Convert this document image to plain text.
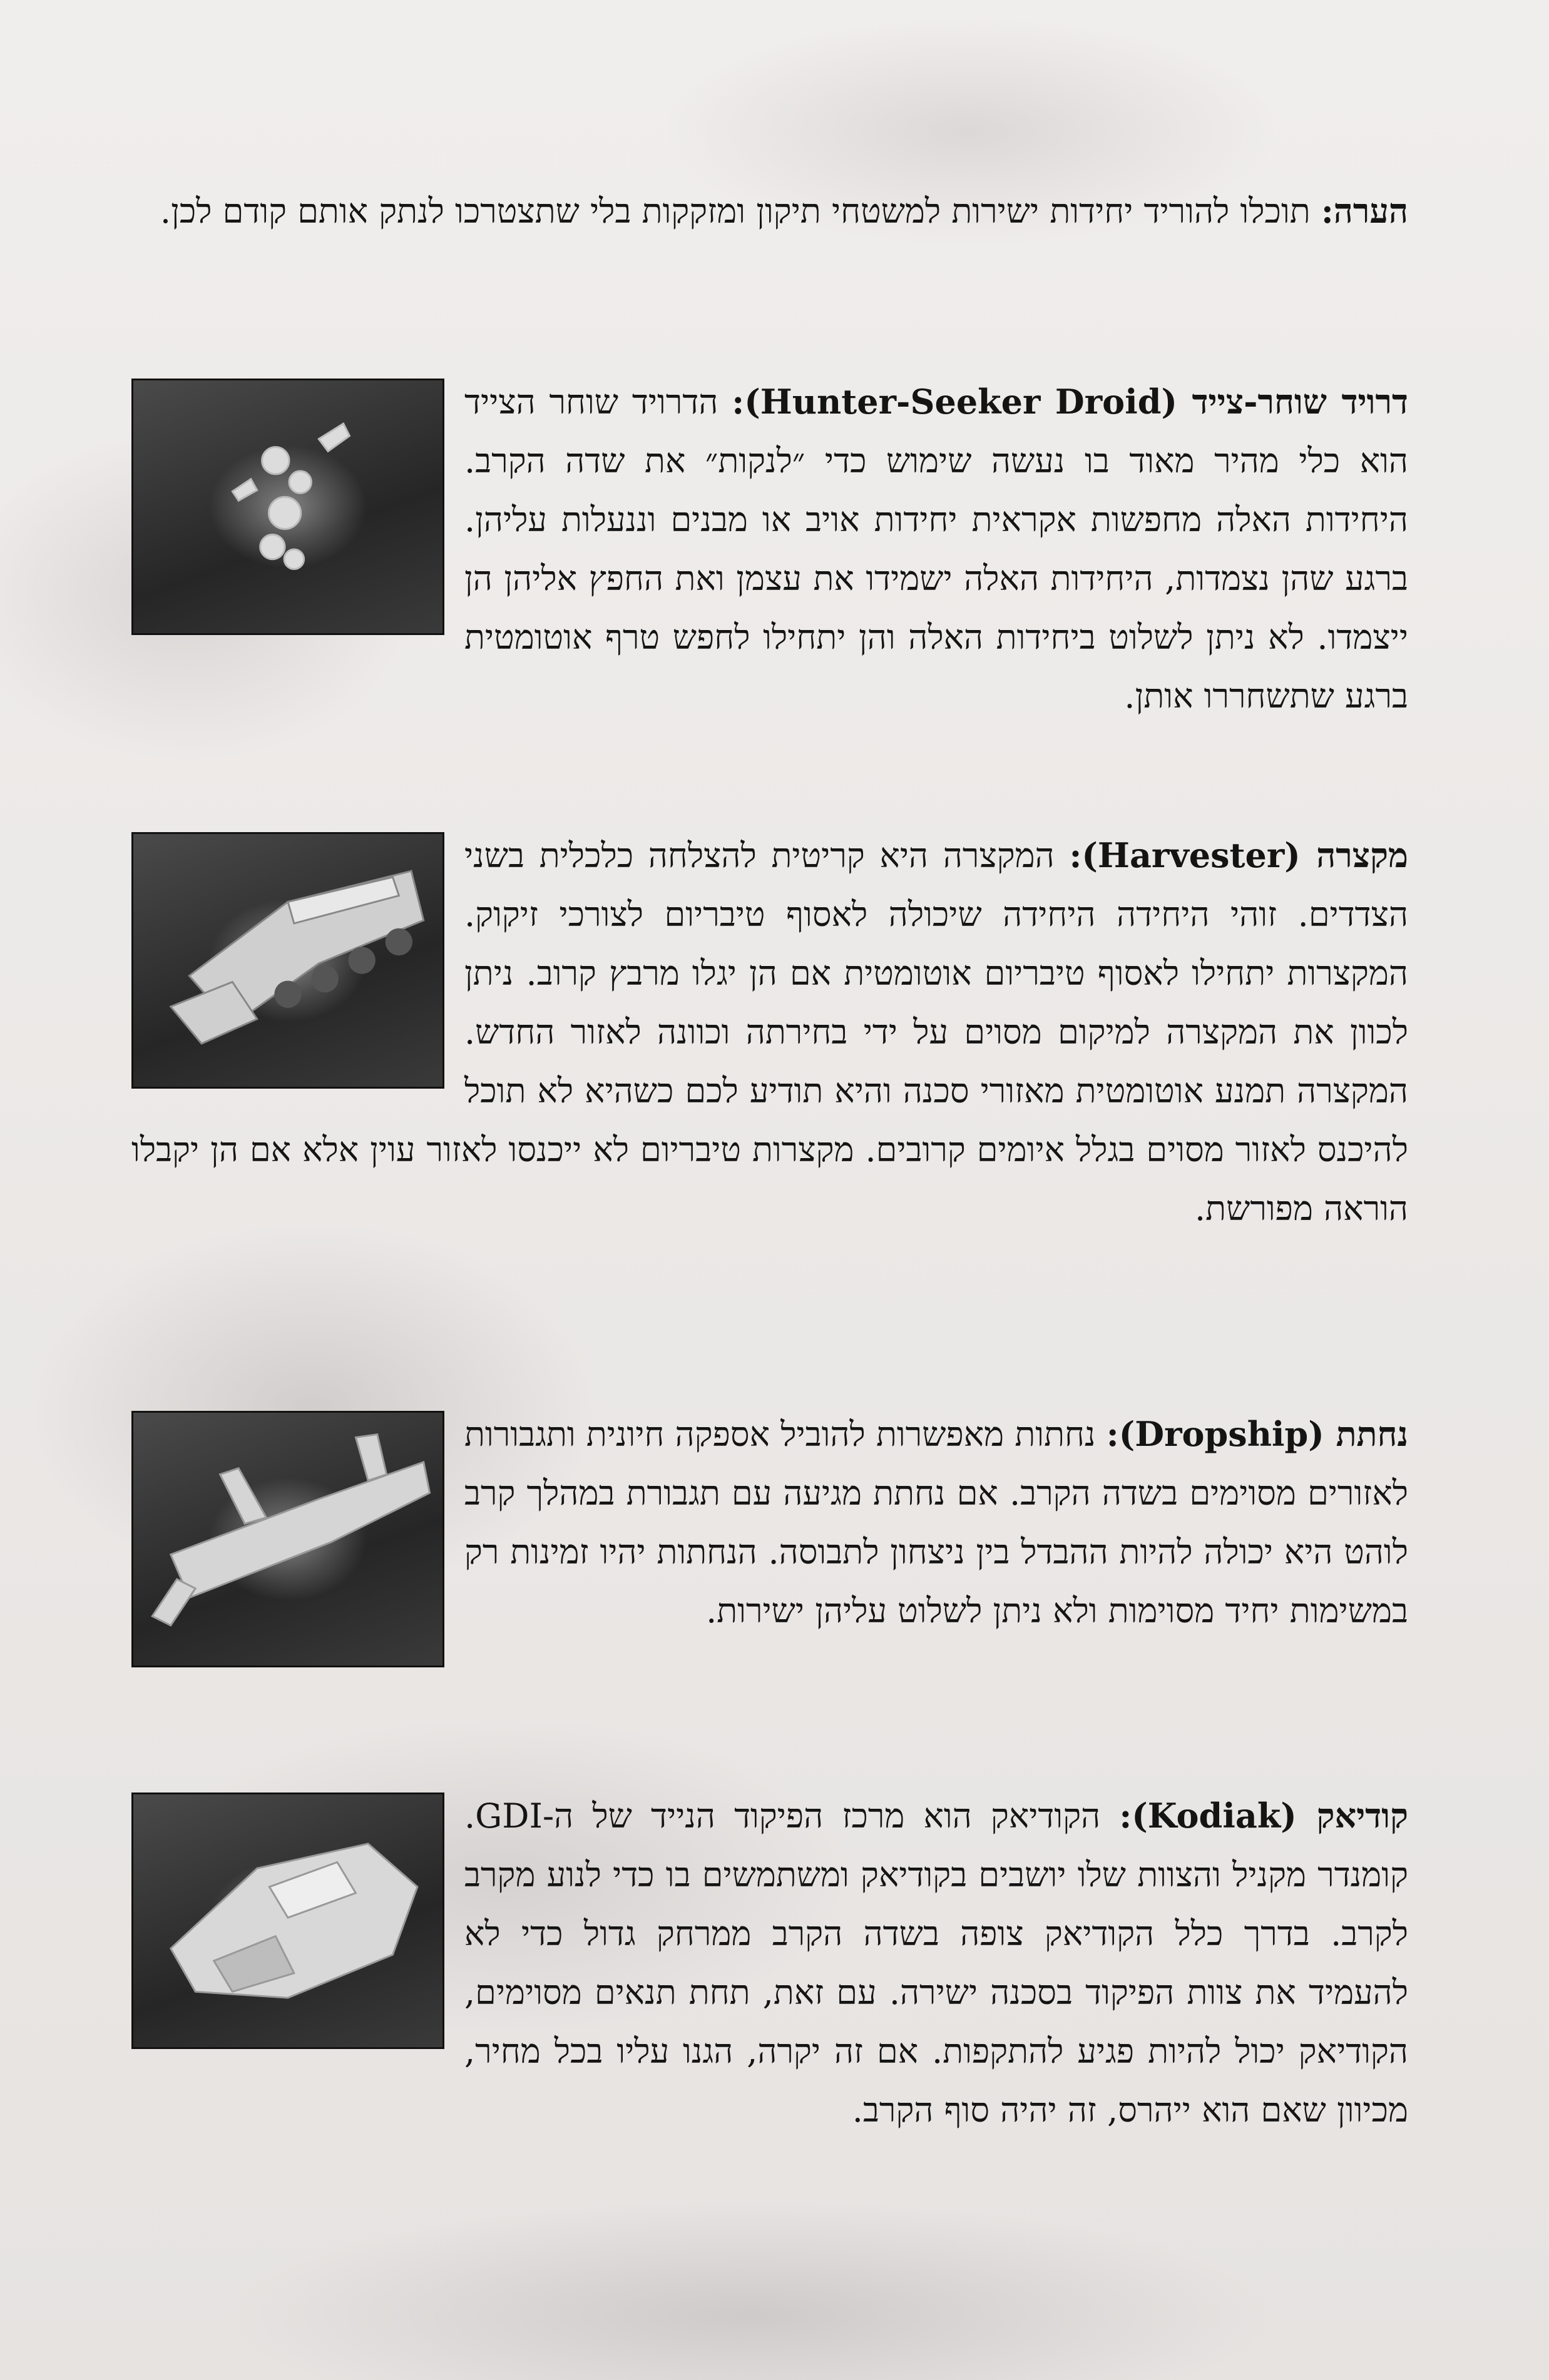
הערה: תוכלו להוריד יחידות ישירות למשטחי תיקון ומזקקות בלי שתצטרכו לנתק אותם קודם לכן.
דרויד שוחר-צייד (Hunter-Seeker Droid): הדרויד שוחר הצייד הוא כלי מהיר מאוד בו נעשה שימוש כדי ״לנקות״ את שדה הקרב. היחידות האלה מחפשות אקראית יחידות אויב או מבנים וננעלות עליהן. ברגע שהן נצמדות, היחידות האלה ישמידו את עצמן ואת החפץ אליהן הן ייצמדו. לא ניתן לשלוט ביחידות האלה והן יתחילו לחפש טרף אוטומטית ברגע שתשחררו אותן.
מקצרה (Harvester): המקצרה היא קריטית להצלחה כלכלית בשני הצדדים. זוהי היחידה היחידה שיכולה לאסוף טיבריום לצורכי זיקוק. המקצרות יתחילו לאסוף טיבריום אוטומטית אם הן יגלו מרבץ קרוב. ניתן לכוון את המקצרה למיקום מסוים על ידי בחירתה וכוונה לאזור החדש. המקצרה תמנע אוטומטית מאזורי סכנה והיא תודיע לכם כשהיא לא תוכל להיכנס לאזור מסוים בגלל איומים קרובים. מקצרות טיבריום לא ייכנסו לאזור עוין אלא אם הן יקבלו הוראה מפורשת.
נחתת (Dropship): נחתות מאפשרות להוביל אספקה חיונית ותגבורות לאזורים מסוימים בשדה הקרב. אם נחתת מגיעה עם תגבורת במהלך קרב לוהט היא יכולה להיות ההבדל בין ניצחון לתבוסה. הנחתות יהיו זמינות רק במשימות יחיד מסוימות ולא ניתן לשלוט עליהן ישירות.
קודיאק (Kodiak): הקודיאק הוא מרכז הפיקוד הנייד של ה-GDI. קומנדר מקניל והצוות שלו יושבים בקודיאק ומשתמשים בו כדי לנוע מקרב לקרב. בדרך כלל הקודיאק צופה בשדה הקרב ממרחק גדול כדי לא להעמיד את צוות הפיקוד בסכנה ישירה. עם זאת, תחת תנאים מסוימים, הקודיאק יכול להיות פגיע להתקפות. אם זה יקרה, הגנו עליו בכל מחיר, מכיוון שאם הוא ייהרס, זה יהיה סוף הקרב.
